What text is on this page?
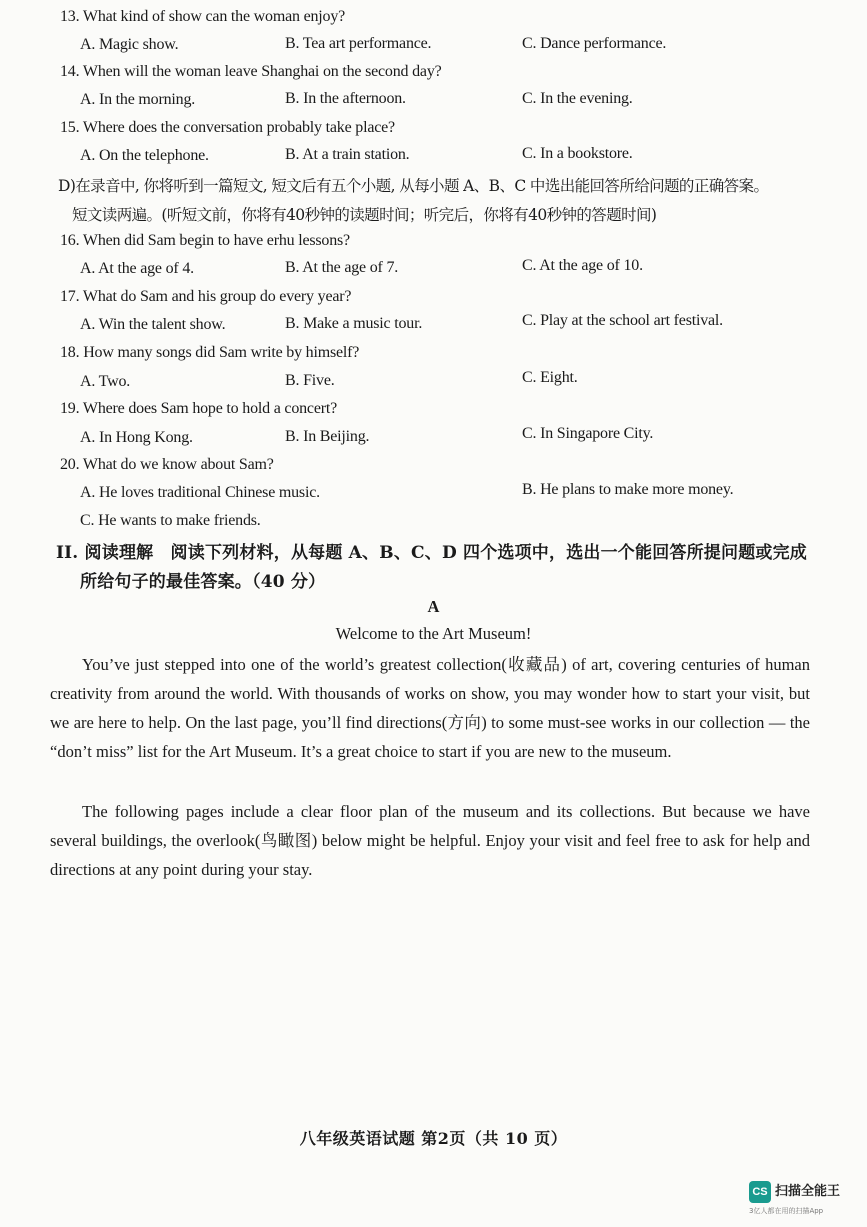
13. What kind of show can the woman enjoy?
A. Magic show.	B. Tea art performance.	C. Dance performance.
14. When will the woman leave Shanghai on the second day?
A. In the morning.	B. In the afternoon.	C. In the evening.
15. Where does the conversation probably take place?
A. On the telephone.	B. At a train station.	C. In a bookstore.
D)在录音中, 你将听到一篇短文, 短文后有五个小题, 从每小题 A、B、C 中选出能回答所给问题的正确答案。
短文读两遍。(听短文前，你将有40秒钟的读题时间；听完后，你将有40秒钟的答题时间)
16. When did Sam begin to have erhu lessons?
A. At the age of 4.	B. At the age of 7.	C. At the age of 10.
17. What do Sam and his group do every year?
A. Win the talent show.	B. Make a music tour.	C. Play at the school art festival.
18. How many songs did Sam write by himself?
A. Two.	B. Five.	C. Eight.
19. Where does Sam hope to hold a concert?
A. In Hong Kong.	B. In Beijing.	C. In Singapore City.
20. What do we know about Sam?
A. He loves traditional Chinese music.	B. He plans to make more money.
C. He wants to make friends.
II. 阅读理解　阅读下列材料，从每题 A、B、C、D 四个选项中，选出一个能回答所提问题或完成
所给句子的最佳答案。（40 分）
A
Welcome to the Art Museum!

You’ve just stepped into one of the world’s greatest collection(收藏品) of art, covering centuries of human creativity from around the world. With thousands of works on show, you may wonder how to start your visit, but we are here to help. On the last page, you’ll find directions(方向) to some must-see works in our collection — the “don’t miss” list for the Art Museum. It’s a great choice to start if you are new to the museum.

The following pages include a clear floor plan of the museum and its collections. But because we have several buildings, the overlook(鸟瞰图) below might be helpful. Enjoy your visit and feel free to ask for help and directions at any point during your stay.

八年级英语试题 第2页（共 10 页）
CS 扫描全能王
3亿人都在用的扫描App
